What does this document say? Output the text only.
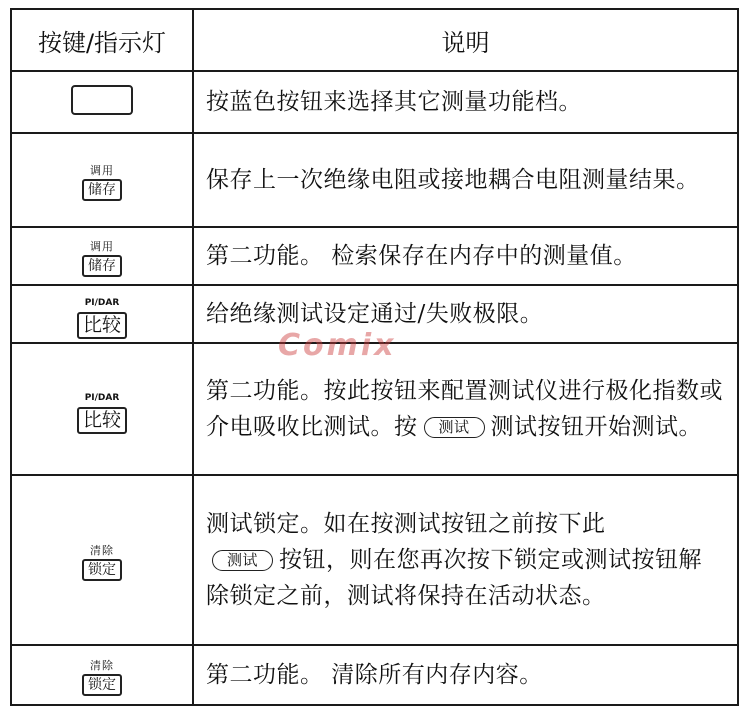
按键/指示灯	说明
	按蓝色按钮来选择其它测量功能档。

调用
储存	保存上一次绝缘电阻或接地耦合电阻测量结果。

调用
储存	第二功能。 检索保存在内存中的测量值。

PI/DAR
比较	给绝缘测试设定通过/失败极限。

PI/DAR
比较	第二功能。按此按钮来配置测试仪进行极化指数或介电吸收比测试。按 测试 测试按钮开始测试。

清除
锁定	测试锁定。如在按测试按钮之前按下此
测试 按钮，则在您再次按下锁定或测试按钮解除锁定之前，测试将保持在活动状态。

清除
锁定	第二功能。 清除所有内存内容。
Comix
